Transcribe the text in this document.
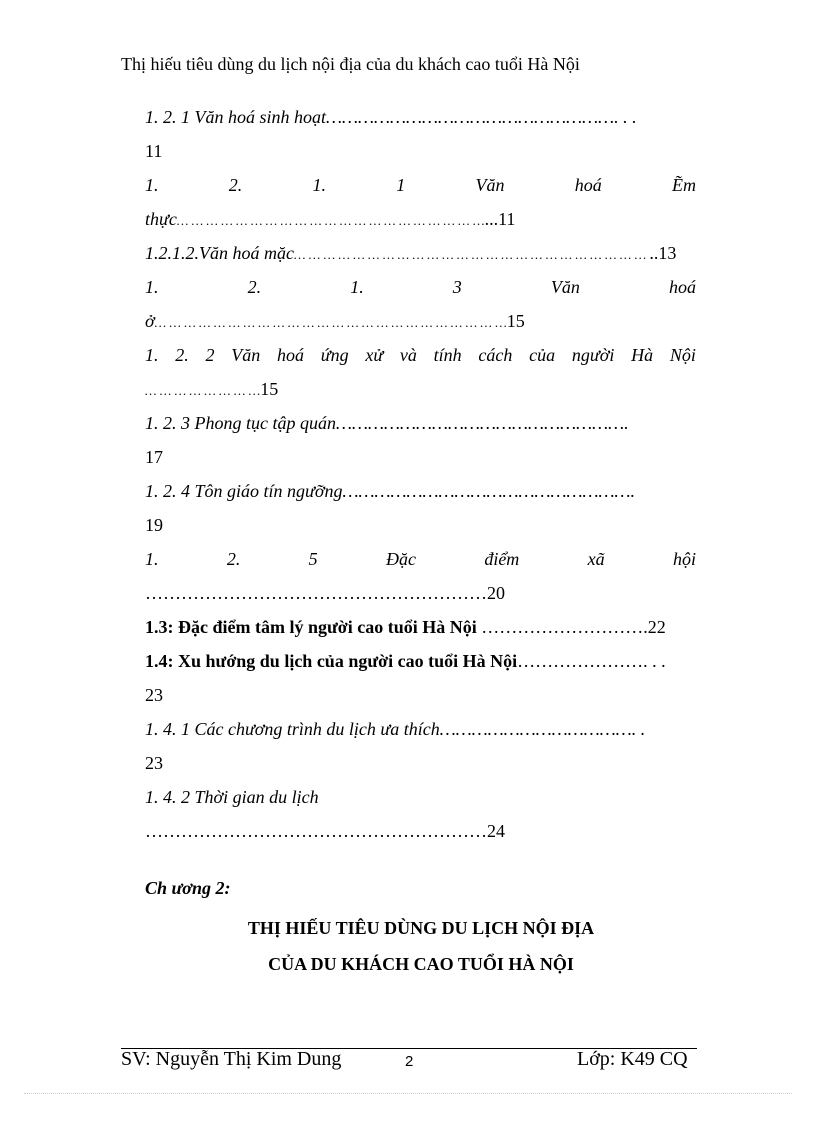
Thị hiếu tiêu dùng du lịch nội địa của du khách cao tuổi Hà Nội
1. 2. 1 Văn hoá sinh hoạt………………………………………………. . .
11
1.	2.	1.	1	Văn	hoá	Ẽm
thực… … … … … … … … … … … … … … … … … … … … …...11
1.2.1.2.Văn hoá mặc… … … … … … … … … … … … … … … … … … … … … … … … ..13
1.	2.	1.	3	Văn	hoá
ở… … … … … … … … … … … … … … … … … … … … … … … …15
1. 2. 2 Văn hoá ứng xử và tính cách của người Hà Nội
… … … … … … … …15
1. 2. 3 Phong tục tập quán……………………………………………….
17
1. 2. 4 Tôn giáo tín ngưỡng……………………………………………….
19
1.	2.	5	Đặc	điểm	xã	hội
…………………………………………………20
1.3: Đặc điểm tâm lý người cao tuổi Hà Nội ……………………….22
1.4: Xu hướng du lịch của người cao tuổi Hà Nội…………………. . .
23
1. 4. 1 Các chương trình du lịch ưa thích………………………………. .
23
1. 4. 2 Thời gian du lịch
…………………………………………………24
Ch ương 2:
THỊ HIẾU TIÊU DÙNG DU LỊCH NỘI ĐỊA
CỦA DU KHÁCH CAO TUỔI HÀ NỘI
SV: Nguyễn Thị Kim Dung	2	Lớp: K49 CQ
